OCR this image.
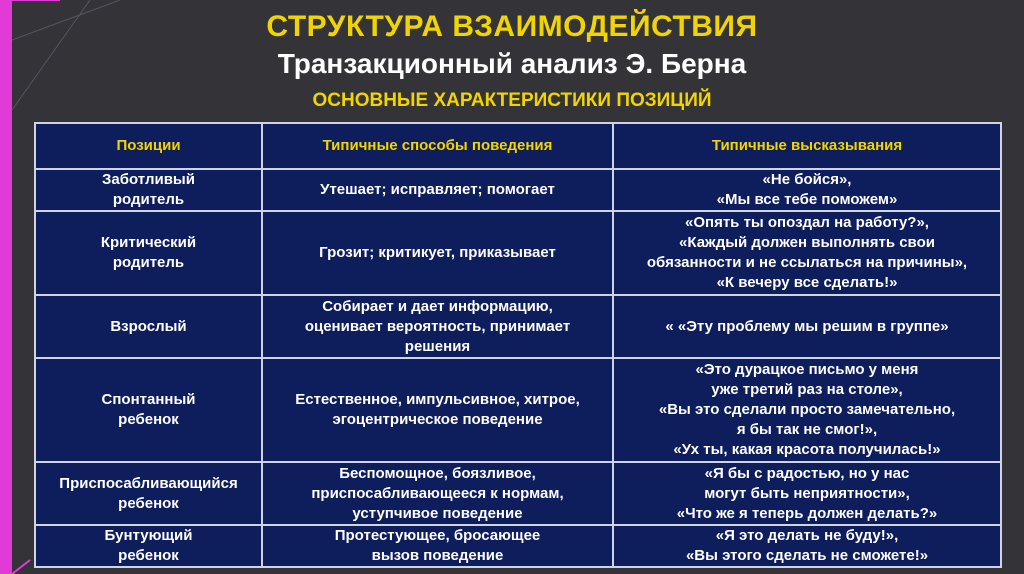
СТРУКТУРА ВЗАИМОДЕЙСТВИЯ
Транзакционный анализ Э. Берна
ОСНОВНЫЕ ХАРАКТЕРИСТИКИ ПОЗИЦИЙ
Позиции	Типичные способы поведения	Типичные высказывания

Заботливый
родитель	Утешает; исправляет; помогает	«Не бойся»,
«Мы все тебе поможем»

Критический
родитель	Грозит; критикует, приказывает	«Опять ты опоздал на работу?»,
«Каждый должен выполнять свои
обязанности и не ссылаться на причины»,
«К вечеру все сделать!»

Взрослый	Собирает и дает информацию,
оценивает вероятность, принимает
решения	« «Эту проблему мы решим в группе»

Спонтанный
ребенок	Естественное, импульсивное, хитрое,
эгоцентрическое поведение	«Это дурацкое письмо у меня
уже третий раз на столе»,
«Вы это сделали просто замечательно,
я бы так не смог!»,
«Ух ты, какая красота получилась!»

Приспосабливающийся
ребенок	Беспомощное, боязливое,
приспосабливающееся к нормам,
уступчивое поведение	«Я бы с радостью, но у нас
могут быть неприятности»,
«Что же я теперь должен делать?»

Бунтующий
ребенок	Протестующее, бросающее
вызов поведение	«Я это делать не буду!»,
«Вы этого сделать не сможете!»
